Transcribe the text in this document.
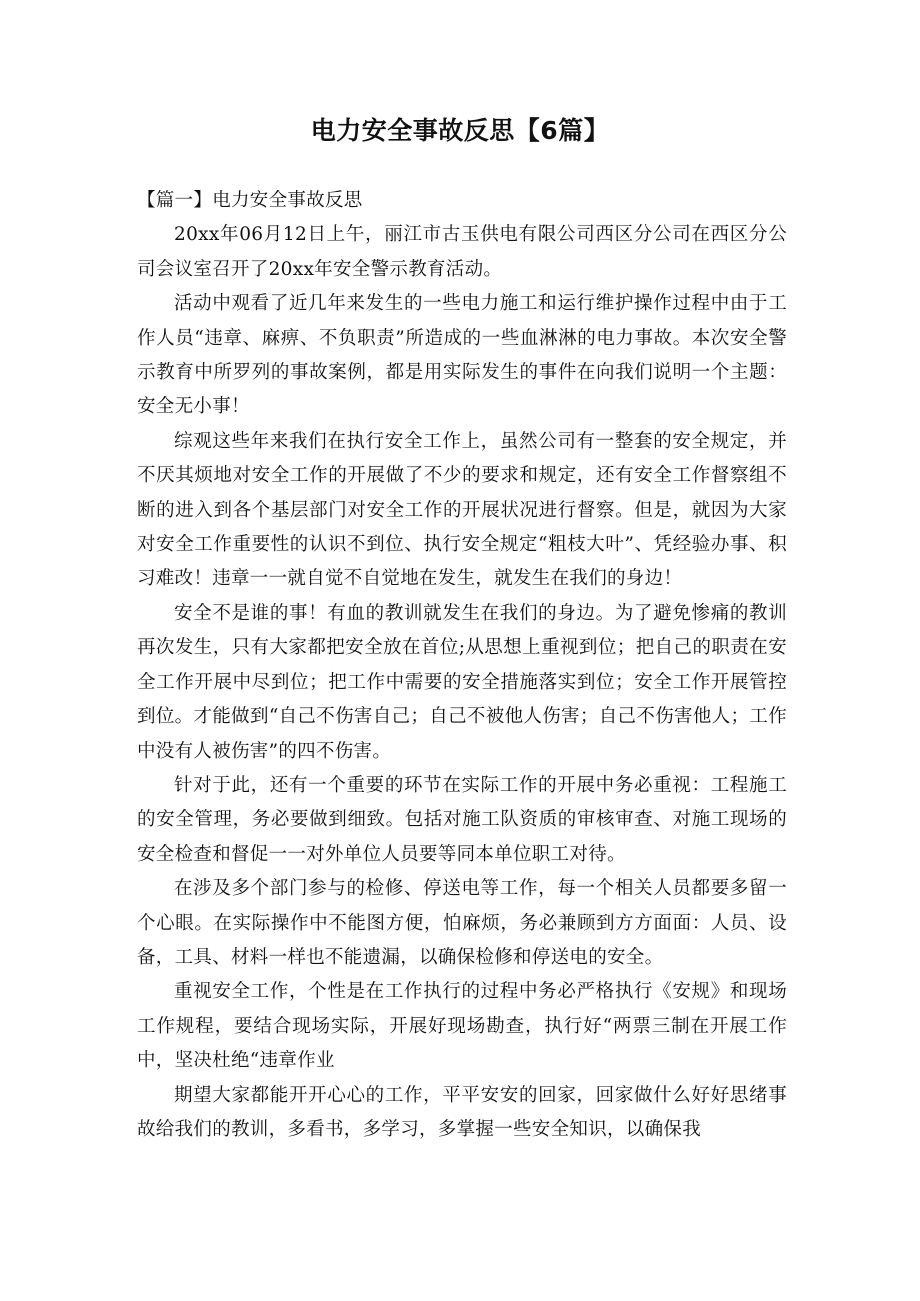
电力安全事故反思【6篇】

【篇一】电力安全事故反思

20xx年06月12日上午，丽江市古玉供电有限公司西区分公司在西区分公司会议室召开了20xx年安全警示教育活动。

活动中观看了近几年来发生的一些电力施工和运行维护操作过程中由于工作人员“违章、麻痹、不负职责”所造成的一些血淋淋的电力事故。本次安全警示教育中所罗列的事故案例，都是用实际发生的事件在向我们说明一个主题：安全无小事！

综观这些年来我们在执行安全工作上，虽然公司有一整套的安全规定，并不厌其烦地对安全工作的开展做了不少的要求和规定，还有安全工作督察组不断的进入到各个基层部门对安全工作的开展状况进行督察。但是，就因为大家对安全工作重要性的认识不到位、执行安全规定“粗枝大叶”、凭经验办事、积习难改！违章一一就自觉不自觉地在发生，就发生在我们的身边！

安全不是谁的事！有血的教训就发生在我们的身边。为了避免惨痛的教训再次发生，只有大家都把安全放在首位;从思想上重视到位；把自己的职责在安全工作开展中尽到位；把工作中需要的安全措施落实到位；安全工作开展管控到位。才能做到“自己不伤害自己；自己不被他人伤害；自己不伤害他人；工作中没有人被伤害”的四不伤害。

针对于此，还有一个重要的环节在实际工作的开展中务必重视：工程施工的安全管理，务必要做到细致。包括对施工队资质的审核审查、对施工现场的安全检查和督促一一对外单位人员要等同本单位职工对待。

在涉及多个部门参与的检修、停送电等工作，每一个相关人员都要多留一个心眼。在实际操作中不能图方便，怕麻烦，务必兼顾到方方面面：人员、设备，工具、材料一样也不能遗漏，以确保检修和停送电的安全。

重视安全工作，个性是在工作执行的过程中务必严格执行《安规》和现场工作规程，要结合现场实际，开展好现场勘查，执行好“两票三制在开展工作中，坚决杜绝“违章作业

期望大家都能开开心心的工作，平平安安的回家，回家做什么好好思绪事故给我们的教训，多看书，多学习，多掌握一些安全知识，以确保我
